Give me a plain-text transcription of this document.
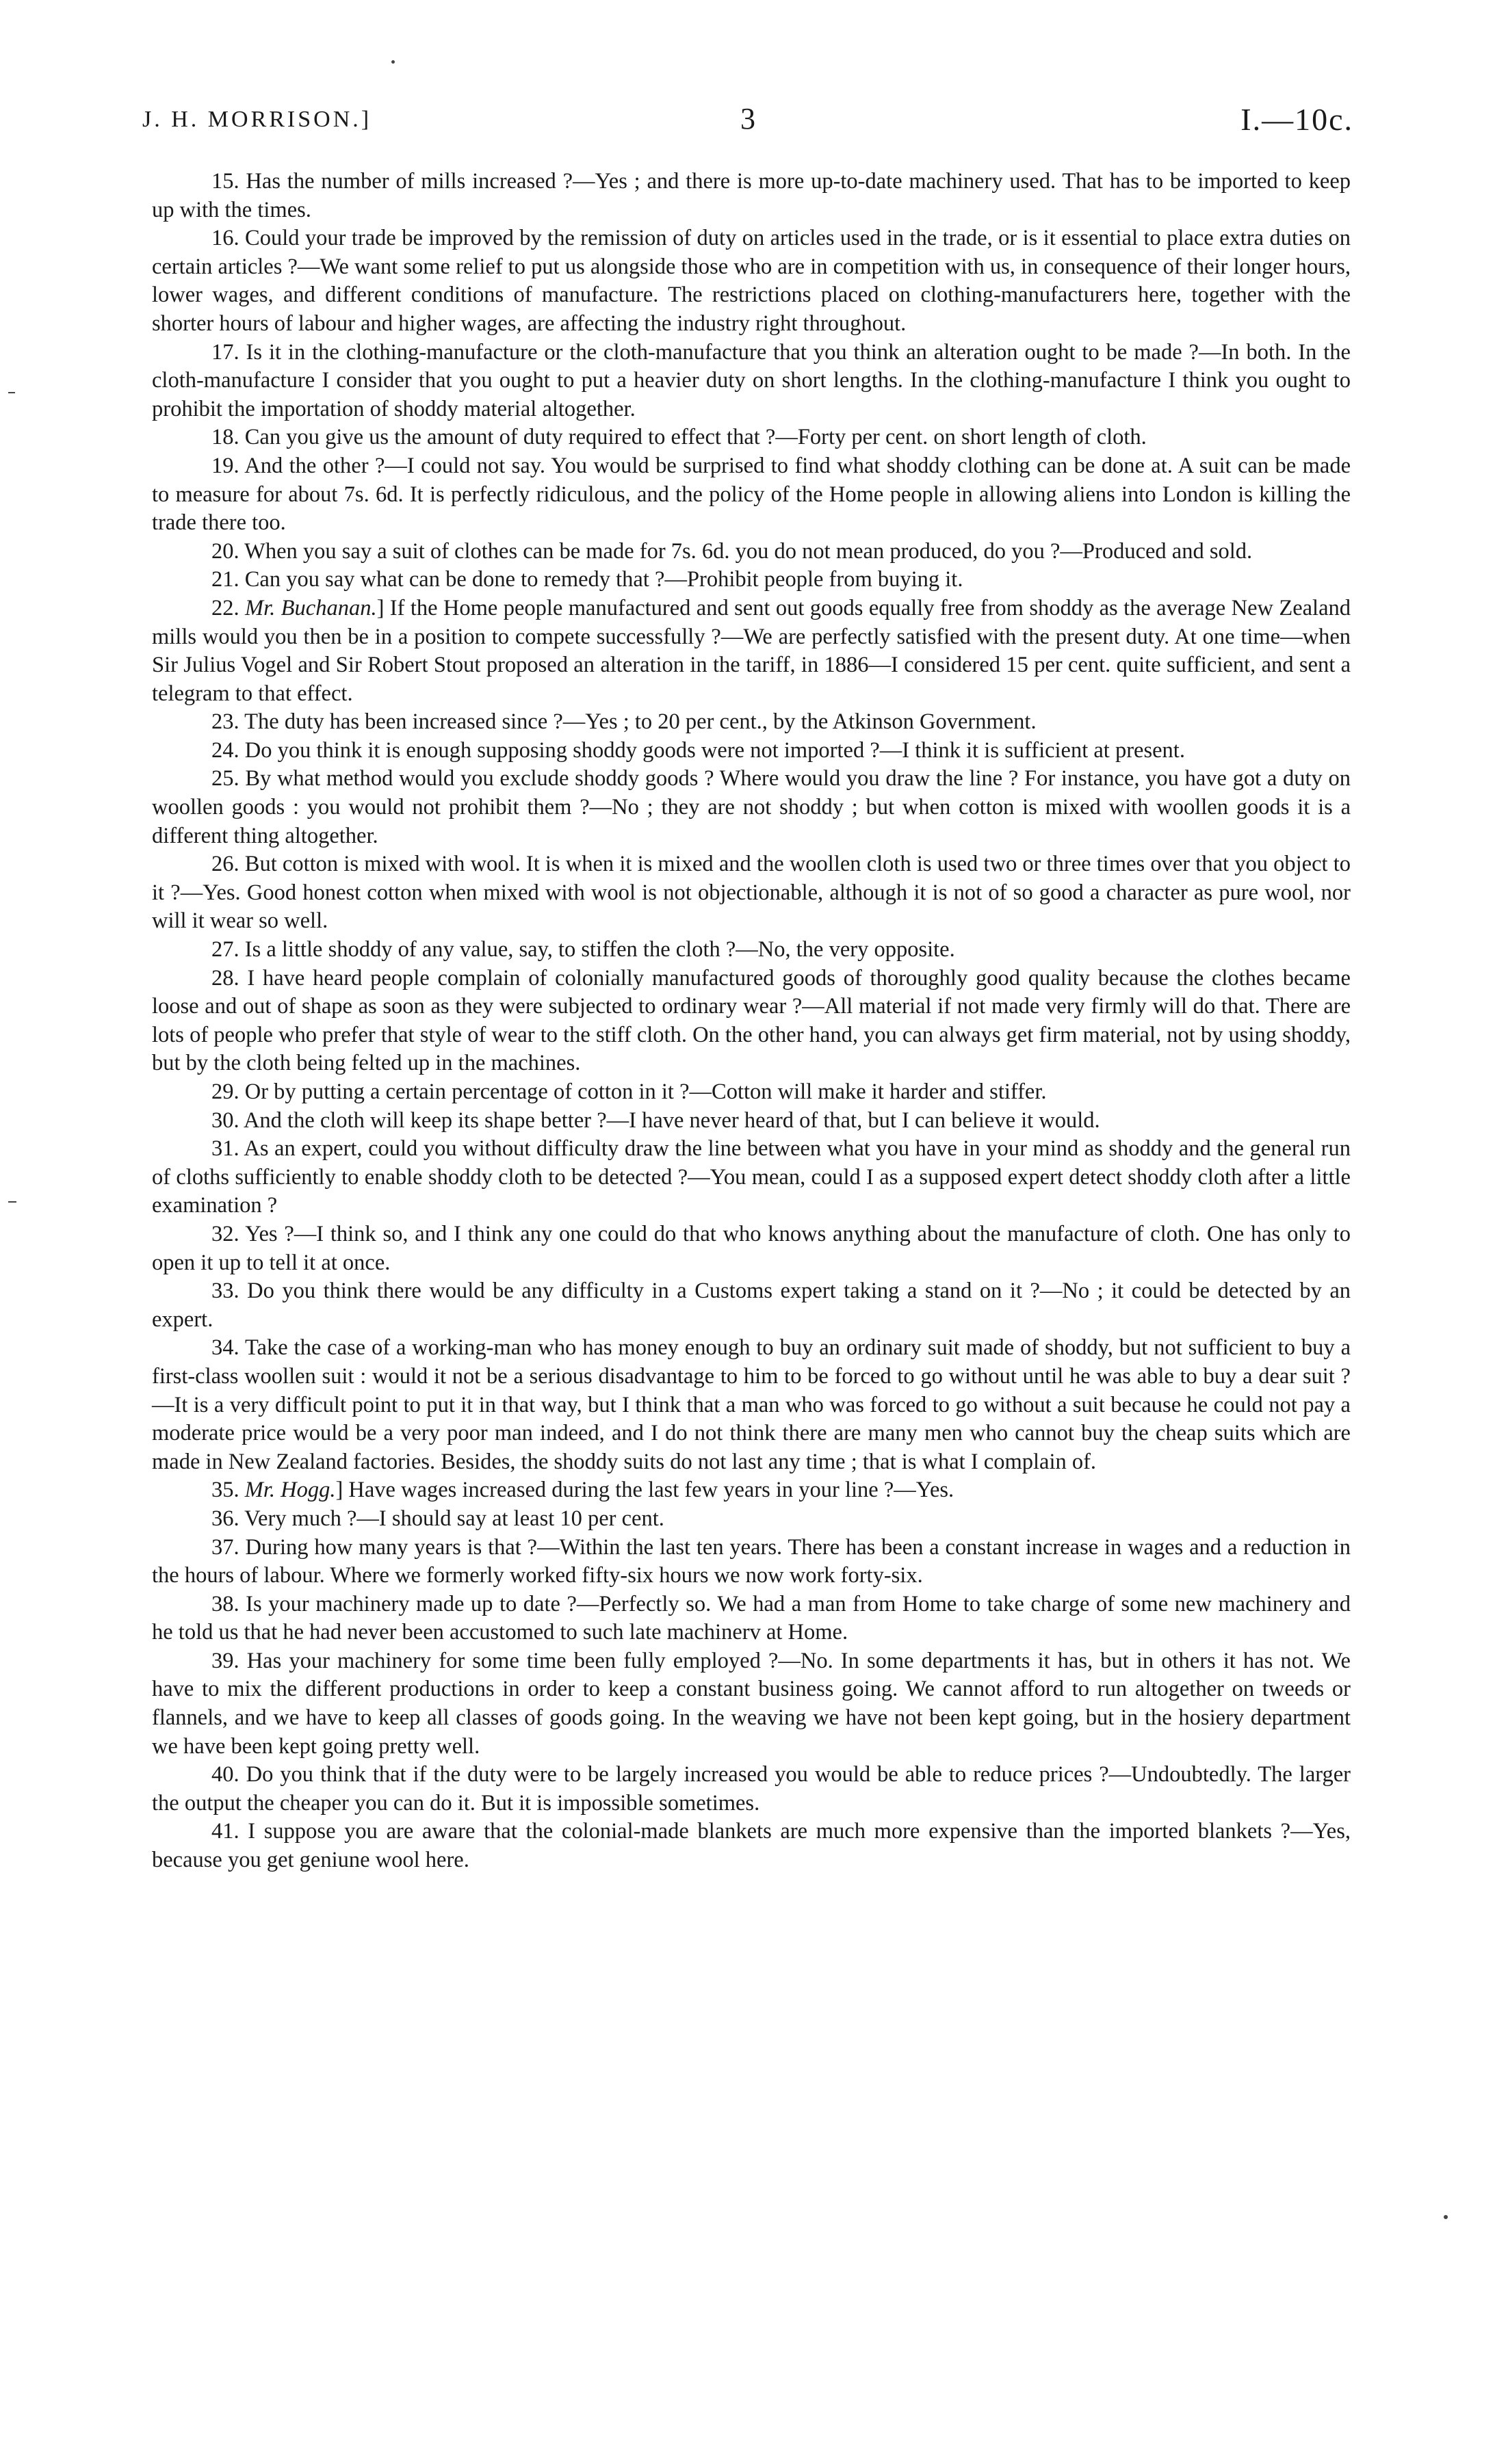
J. H. MORRISON.]	3	I.—10c.

15. Has the number of mills increased ?—Yes ; and there is more up-to-date machinery used. That has to be imported to keep up with the times.

16. Could your trade be improved by the remission of duty on articles used in the trade, or is it essential to place extra duties on certain articles ?—We want some relief to put us alongside those who are in competition with us, in consequence of their longer hours, lower wages, and different conditions of manufacture. The restrictions placed on clothing-manufacturers here, together with the shorter hours of labour and higher wages, are affecting the industry right throughout.

17. Is it in the clothing-manufacture or the cloth-manufacture that you think an alteration ought to be made ?—In both. In the cloth-manufacture I consider that you ought to put a heavier duty on short lengths. In the clothing-manufacture I think you ought to prohibit the importation of shoddy material altogether.

18. Can you give us the amount of duty required to effect that ?—Forty per cent. on short length of cloth.

19. And the other ?—I could not say. You would be surprised to find what shoddy clothing can be done at. A suit can be made to measure for about 7s. 6d. It is perfectly ridiculous, and the policy of the Home people in allowing aliens into London is killing the trade there too.

20. When you say a suit of clothes can be made for 7s. 6d. you do not mean produced, do you ?—Produced and sold.

21. Can you say what can be done to remedy that ?—Prohibit people from buying it.

22. Mr. Buchanan.] If the Home people manufactured and sent out goods equally free from shoddy as the average New Zealand mills would you then be in a position to compete successfully ?—We are perfectly satisfied with the present duty. At one time—when Sir Julius Vogel and Sir Robert Stout proposed an alteration in the tariff, in 1886—I considered 15 per cent. quite sufficient, and sent a telegram to that effect.

23. The duty has been increased since ?—Yes ; to 20 per cent., by the Atkinson Government.

24. Do you think it is enough supposing shoddy goods were not imported ?—I think it is sufficient at present.

25. By what method would you exclude shoddy goods ? Where would you draw the line ? For instance, you have got a duty on woollen goods : you would not prohibit them ?—No ; they are not shoddy ; but when cotton is mixed with woollen goods it is a different thing altogether.

26. But cotton is mixed with wool. It is when it is mixed and the woollen cloth is used two or three times over that you object to it ?—Yes. Good honest cotton when mixed with wool is not objectionable, although it is not of so good a character as pure wool, nor will it wear so well.

27. Is a little shoddy of any value, say, to stiffen the cloth ?—No, the very opposite.

28. I have heard people complain of colonially manufactured goods of thoroughly good quality because the clothes became loose and out of shape as soon as they were subjected to ordinary wear ?—All material if not made very firmly will do that. There are lots of people who prefer that style of wear to the stiff cloth. On the other hand, you can always get firm material, not by using shoddy, but by the cloth being felted up in the machines.

29. Or by putting a certain percentage of cotton in it ?—Cotton will make it harder and stiffer.

30. And the cloth will keep its shape better ?—I have never heard of that, but I can believe it would.

31. As an expert, could you without difficulty draw the line between what you have in your mind as shoddy and the general run of cloths sufficiently to enable shoddy cloth to be detected ?—You mean, could I as a supposed expert detect shoddy cloth after a little examination ?

32. Yes ?—I think so, and I think any one could do that who knows anything about the manufacture of cloth. One has only to open it up to tell it at once.

33. Do you think there would be any difficulty in a Customs expert taking a stand on it ?—No ; it could be detected by an expert.

34. Take the case of a working-man who has money enough to buy an ordinary suit made of shoddy, but not sufficient to buy a first-class woollen suit : would it not be a serious disadvantage to him to be forced to go without until he was able to buy a dear suit ?—It is a very difficult point to put it in that way, but I think that a man who was forced to go without a suit because he could not pay a moderate price would be a very poor man indeed, and I do not think there are many men who cannot buy the cheap suits which are made in New Zealand factories. Besides, the shoddy suits do not last any time ; that is what I complain of.

35. Mr. Hogg.] Have wages increased during the last few years in your line ?—Yes.

36. Very much ?—I should say at least 10 per cent.

37. During how many years is that ?—Within the last ten years. There has been a constant increase in wages and a reduction in the hours of labour. Where we formerly worked fifty-six hours we now work forty-six.

38. Is your machinery made up to date ?—Perfectly so. We had a man from Home to take charge of some new machinery and he told us that he had never been accustomed to such late machinerv at Home.

39. Has your machinery for some time been fully employed ?—No. In some departments it has, but in others it has not. We have to mix the different productions in order to keep a constant business going. We cannot afford to run altogether on tweeds or flannels, and we have to keep all classes of goods going. In the weaving we have not been kept going, but in the hosiery department we have been kept going pretty well.

40. Do you think that if the duty were to be largely increased you would be able to reduce prices ?—Undoubtedly. The larger the output the cheaper you can do it. But it is impossible sometimes.

41. I suppose you are aware that the colonial-made blankets are much more expensive than the imported blankets ?—Yes, because you get geniune wool here.
